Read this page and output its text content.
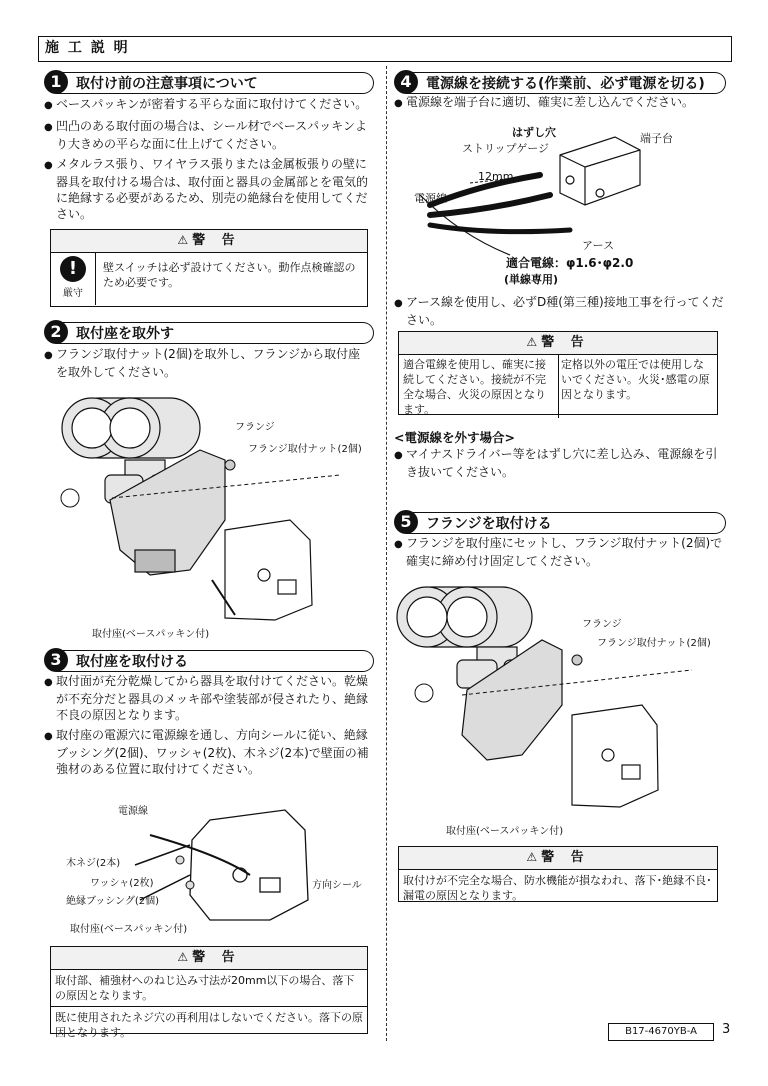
施 工 説 明
1	取付け前の注意事項について

● ベースパッキンが密着する平らな面に取付けてください。

● 凹凸のある取付面の場合は、シール材でベースパッキンより大きめの平らな面に仕上げてください。

● メタルラス張り、ワイヤラス張りまたは金属板張りの壁に器具を取付ける場合は、取付面と器具の金属部とを電気的に絶縁する必要があるため、別売の絶縁台を使用してください。

⚠ 警 告
!
厳守
壁スイッチは必ず設けてください。動作点検確認のため必要です。
2	取付座を取外す

● フランジ取付ナット(2個)を取外し、フランジから取付座を取外してください。

フランジ
フランジ取付ナット(2個)
取付座(ベースパッキン付)
3	取付座を取付ける

● 取付面が充分乾燥してから器具を取付けてください。乾燥が不充分だと器具のメッキ部や塗装部が侵されたり、絶縁不良の原因となります。

● 取付座の電源穴に電源線を通し、方向シールに従い、絶縁ブッシング(2個)、ワッシャ(2枚)、木ネジ(2本)で壁面の補強材のある位置に取付けてください。

電源線
木ネジ(2本)
ワッシャ(2枚)
絶縁ブッシング(2個)
方向シール
取付座(ベースパッキン付)
⚠ 警 告
取付部、補強材へのねじ込み寸法が20mm以下の場合、落下の原因となります。
既に使用されたネジ穴の再利用はしないでください。落下の原因となります。
4	電源線を接続する(作業前、必ず電源を切る)

● 電源線を端子台に適切、確実に差し込んでください。

はずし穴
ストリップゲージ
端子台
12mm
電源線
アース
適合電線：φ1.6･φ2.0
(単線専用)

● アース線を使用し、必ずD種(第三種)接地工事を行ってください。

⚠ 警 告
適合電線を使用し、確実に接続してください。接続が不完全な場合、火災の原因となります。
定格以外の電圧では使用しないでください。火災･感電の原因となります。
<電源線を外す場合>

● マイナスドライバー等をはずし穴に差し込み、電源線を引き抜いてください。

5	フランジを取付ける

● フランジを取付座にセットし、フランジ取付ナット(2個)で確実に締め付け固定してください。

フランジ
フランジ取付ナット(2個)
取付座(ベースパッキン付)
⚠ 警 告
取付けが不完全な場合、防水機能が損なわれ、落下･絶縁不良･漏電の原因となります。
B17-4670YB-A	3
